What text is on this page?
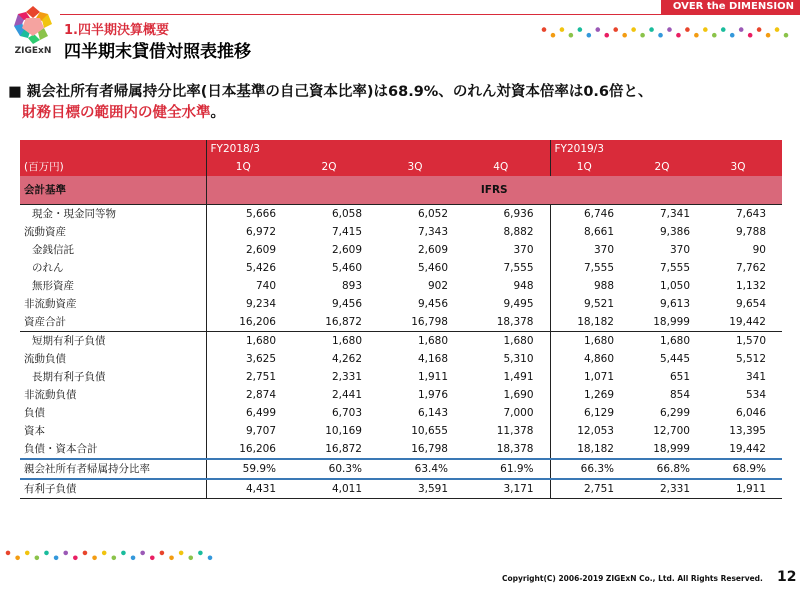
OVER the DIMENSION
ZIGExN
1.四半期決算概要
四半期末貸借対照表推移
■ 親会社所有者帰属持分比率(日本基準の自己資本比率)は68.9%、のれん対資本倍率は0.6倍と、
財務目標の範囲内の健全水準。
	FY2018/3				FY2019/3		
(百万円)	1Q	2Q	3Q	4Q	1Q	2Q	3Q
会計基準	IFRS						
現金・現金同等物	5,666	6,058	6,052	6,936	6,746	7,341	7,643
流動資産	6,972	7,415	7,343	8,882	8,661	9,386	9,788
金銭信託	2,609	2,609	2,609	370	370	370	90
のれん	5,426	5,460	5,460	7,555	7,555	7,555	7,762
無形資産	740	893	902	948	988	1,050	1,132
非流動資産	9,234	9,456	9,456	9,495	9,521	9,613	9,654
資産合計	16,206	16,872	16,798	18,378	18,182	18,999	19,442
短期有利子負債	1,680	1,680	1,680	1,680	1,680	1,680	1,570
流動負債	3,625	4,262	4,168	5,310	4,860	5,445	5,512
長期有利子負債	2,751	2,331	1,911	1,491	1,071	651	341
非流動負債	2,874	2,441	1,976	1,690	1,269	854	534
負債	6,499	6,703	6,143	7,000	6,129	6,299	6,046
資本	9,707	10,169	10,655	11,378	12,053	12,700	13,395
負債・資本合計	16,206	16,872	16,798	18,378	18,182	18,999	19,442
親会社所有者帰属持分比率	59.9%	60.3%	63.4%	61.9%	66.3%	66.8%	68.9%
有利子負債	4,431	4,011	3,591	3,171	2,751	2,331	1,911
Copyright(C) 2006-2019 ZIGExN Co., Ltd. All Rights Reserved. 12
